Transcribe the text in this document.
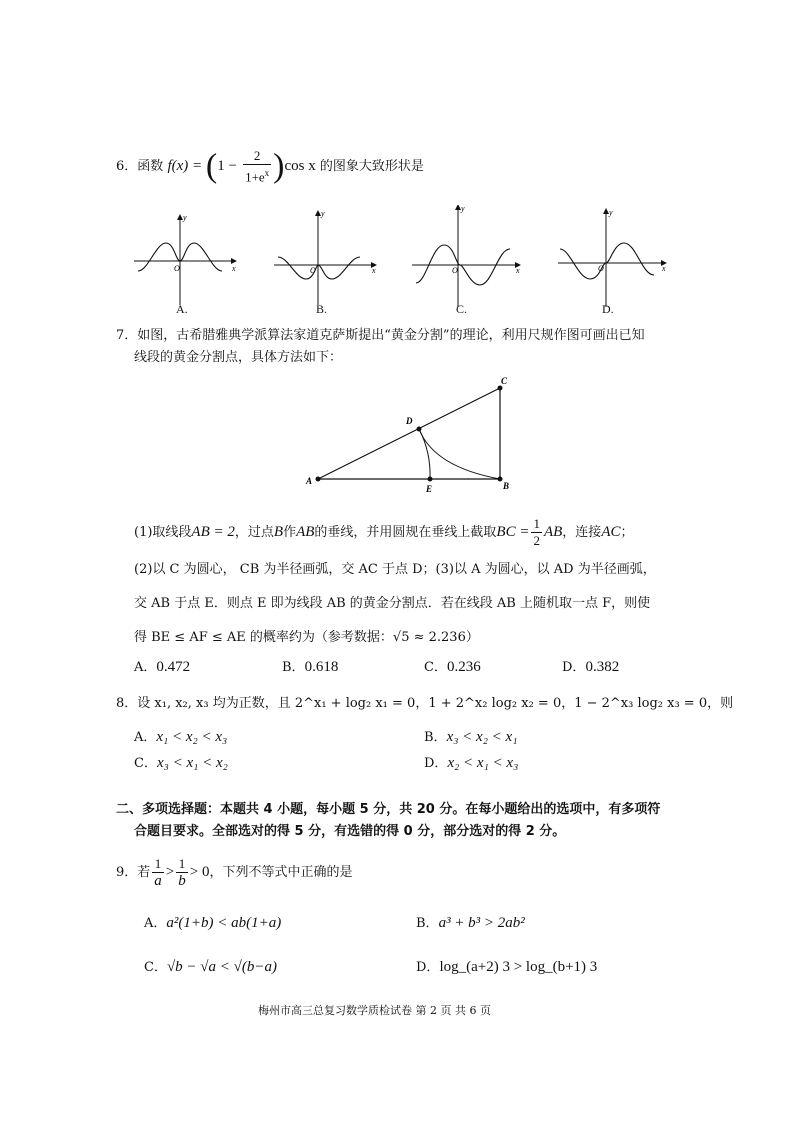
6．函数 $f(x) = (1 - \frac{2}{1+e^x} )\cos$ x 的图象大致形状是
y
x
O
y
x
O
y
x
O
y
x
O
A.	B.	C.	D.
7．如图，古希腊雅典学派算法家道克萨斯提出“黄金分割”的理论，利用尺规作图可画出已知
线段的黄金分割点，具体方法如下：
A	B
C
D
E
(1)取线段AB = 2，过点B作AB的垂线，并用圆规在垂线上截取BC = $\frac{1}{2}$ AB，连接AC；
(2)以 C 为圆心， CB 为半径画弧，交 AC 于点 D；(3)以 A 为圆心，以 AD 为半径画弧，
交 AB 于点 E．则点 E 即为线段 AB 的黄金分割点．若在线段 AB 上随机取一点 F，则使
得 BE ≤ AF ≤ AE 的概率约为（参考数据：√5 ≈ 2.236）
A．0.472	B．0.618	C．0.236	D．0.382
8．设 x₁, x₂, x₃ 均为正数，且 2^x₁ + log₂ x₁ = 0，1 + 2^x₂ log₂ x₂ = 0，1 − 2^x₃ log₂ x₃ = 0，则
A．x₁ < x₂ < x₃	B．x₃ < x₂ < x₁
C．x₃ < x₁ < x₂	D．x₂ < x₁ < x₃
二、多项选择题：本题共 4 小题，每小题 5 分，共 20 分。在每小题给出的选项中，有多项符
合题目要求。全部选对的得 5 分，有选错的得 0 分，部分选对的得 2 分。
9．若 $\frac{1}{a} > \frac{1}{b} > 0$，下列不等式中正确的是
A．a²(1+b) < ab(1+a)	B．a³ + b³ > 2ab²
C．√b − √a < √(b−a)	D．log_(a+2) 3 > log_(b+1) 3
梅州市高三总复习数学质检试卷 第 2 页 共 6 页
